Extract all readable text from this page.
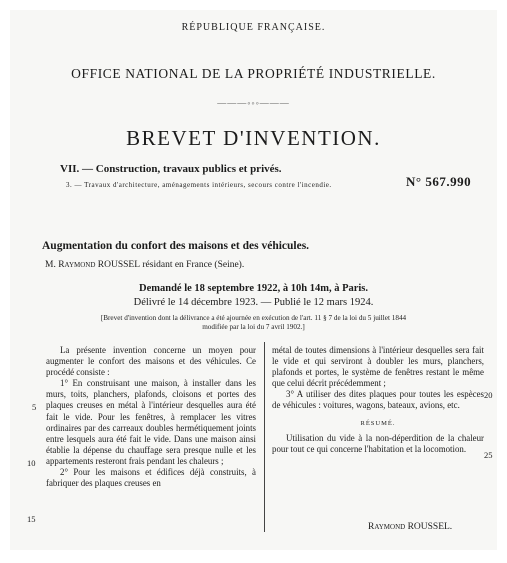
RÉPUBLIQUE FRANÇAISE.
OFFICE NATIONAL DE LA PROPRIÉTÉ INDUSTRIELLE.
———◦◦◦———
BREVET D'INVENTION.
VII. — Construction, travaux publics et privés.
3. — Travaux d'architecture, aménagements intérieurs, secours contre l'incendie.	N° 567.990
Augmentation du confort des maisons et des véhicules.
M. Raymond ROUSSEL résidant en France (Seine).
Demandé le 18 septembre 1922, à 10h 14m, à Paris.
Délivré le 14 décembre 1923. — Publié le 12 mars 1924.
[Brevet d'invention dont la délivrance a été ajournée en exécution de l'art. 11 § 7 de la loi du 5 juillet 1844
modifiée par la loi du 7 avril 1902.]

La présente invention concerne un moyen pour augmenter le confort des maisons et des véhicules. Ce procédé consiste :

1° En construisant une maison, à installer dans les murs, toits, planchers, plafonds, cloisons et portes des plaques creuses en métal à l'intérieur desquelles aura été fait le vide. Pour les fenêtres, à remplacer les vitres ordinaires par des carreaux doubles hermétiquement joints entre lesquels aura été fait le vide. Dans une maison ainsi établie la dépense du chauffage sera presque nulle et les appartements resteront frais pendant les chaleurs ;

2° Pour les maisons et édifices déjà construits, à fabriquer des plaques creuses en

métal de toutes dimensions à l'intérieur desquelles sera fait le vide et qui serviront à doubler les murs, planchers, plafonds et portes, le système de fenêtres restant le même que celui décrit précédemment ;

3° A utiliser des dites plaques pour toutes les espèces de véhicules : voitures, wagons, bateaux, avions, etc.

RÉSUMÉ.

Utilisation du vide à la non-déperdition de la chaleur pour tout ce qui concerne l'habitation et la locomotion.

5
10
15
20
25
Raymond ROUSSEL.
